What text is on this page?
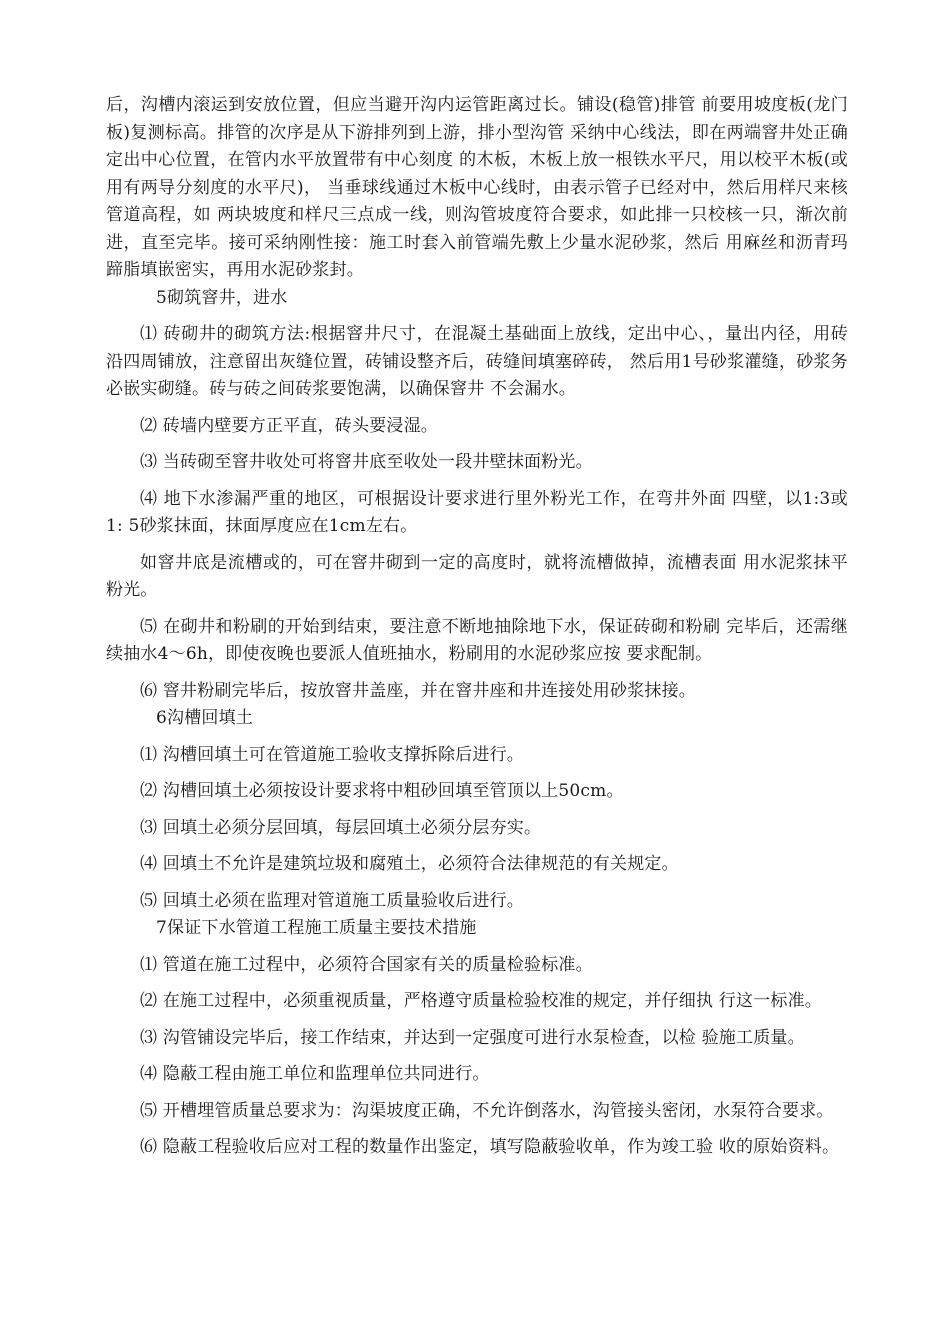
后，沟槽内滚运到安放位置，但应当避开沟内运管距离过长。铺设(稳管)排管 前要用坡度板(龙门板)复测标高。排管的次序是从下游排列到上游，排小型沟管 采纳中心线法，即在两端窨井处正确定出中心位置，在管内水平放置带有中心刻度 的木板，木板上放一根铁水平尺，用以校平木板(或用有两导分刻度的水平尺)， 当垂球线通过木板中心线时，由表示管子已经对中，然后用样尺来核管道高程，如 两块坡度和样尺三点成一线，则沟管坡度符合要求，如此排一只校核一只，渐次前 进，直至完毕。接可采纳刚性接：施工时套入前管端先敷上少量水泥砂浆，然后 用麻丝和沥青玛蹄脂填嵌密实，再用水泥砂浆封。

5砌筑窨井，进水

⑴ 砖砌井的砌筑方法:根据窨井尺寸，在混凝土基础面上放线，定出中心、，量出内径，用砖沿四周铺放，注意留出灰缝位置，砖铺设整齐后，砖缝间填塞碎砖， 然后用1号砂浆灌缝，砂浆务必嵌实砌缝。砖与砖之间砖浆要饱满，以确保窨井 不会漏水。

⑵ 砖墙内壁要方正平直，砖头要浸湿。

⑶ 当砖砌至窨井收处可将窨井底至收处一段井壁抹面粉光。

⑷ 地下水渗漏严重的地区，可根据设计要求进行里外粉光工作，在弯井外面 四壁，以1:3或1: 5砂浆抹面，抹面厚度应在1cm左右。

如窨井底是流槽或的，可在窨井砌到一定的高度时，就将流槽做掉，流槽表面 用水泥浆抹平粉光。

⑸ 在砌井和粉刷的开始到结束，要注意不断地抽除地下水，保证砖砌和粉刷 完毕后，还需继续抽水4〜6h，即使夜晚也要派人值班抽水，粉刷用的水泥砂浆应按 要求配制。

⑹ 窨井粉刷完毕后，按放窨井盖座，并在窨井座和井连接处用砂浆抹接。

6沟槽回填土

⑴ 沟槽回填土可在管道施工验收支撑拆除后进行。

⑵ 沟槽回填土必须按设计要求将中粗砂回填至管顶以上50cm。

⑶ 回填土必须分层回填，每层回填土必须分层夯实。

⑷ 回填土不允许是建筑垃圾和腐殖土，必须符合法律规范的有关规定。

⑸ 回填土必须在监理对管道施工质量验收后进行。

7保证下水管道工程施工质量主要技术措施

⑴ 管道在施工过程中，必须符合国家有关的质量检验标准。

⑵ 在施工过程中，必须重视质量，严格遵守质量检验校准的规定，并仔细执 行这一标准。

⑶ 沟管铺设完毕后，接工作结束，并达到一定强度可进行水泵检查，以检 验施工质量。

⑷ 隐蔽工程由施工单位和监理单位共同进行。

⑸ 开槽埋管质量总要求为：沟渠坡度正确，不允许倒落水，沟管接头密闭，水泵符合要求。

⑹ 隐蔽工程验收后应对工程的数量作出鉴定，填写隐蔽验收单，作为竣工验 收的原始资料。
